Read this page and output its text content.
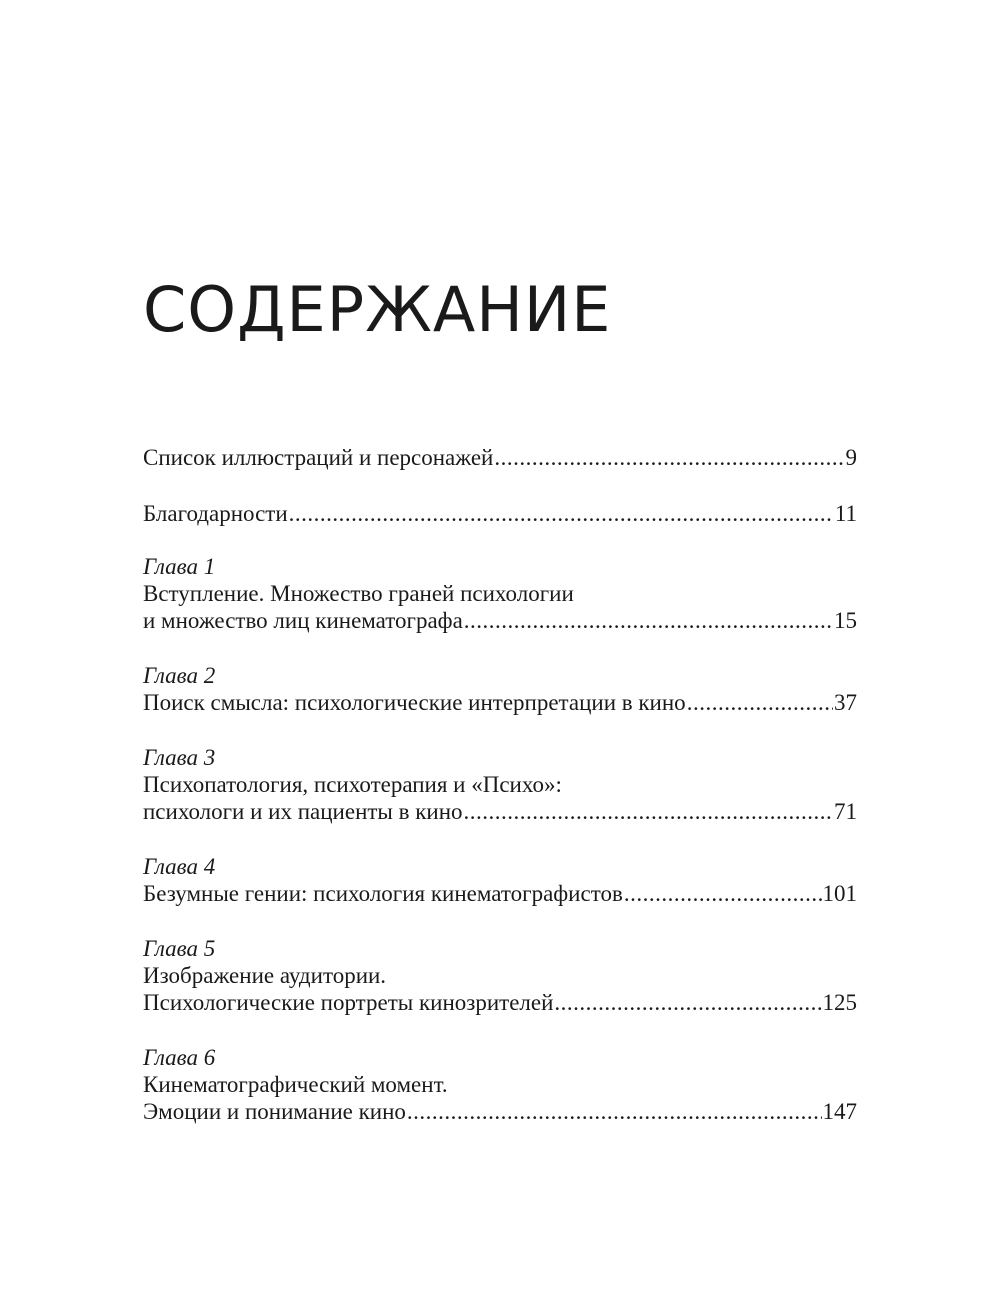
СОДЕРЖАНИЕ
Список иллюстраций и персонажей .....	9
Благодарности .....	11
Глава 1
Вступление. Множество граней психологии
и множество лиц кинематографа .....	15
Глава 2
Поиск смысла: психологические интерпретации в кино .....	37
Глава 3
Психопатология, психотерапия и «Психо»:
психологи и их пациенты в кино .....	71
Глава 4
Безумные гении: психология кинематографистов .....	101
Глава 5
Изображение аудитории.
Психологические портреты кинозрителей .....	125
Глава 6
Кинематографический момент.
Эмоции и понимание кино .....	147
